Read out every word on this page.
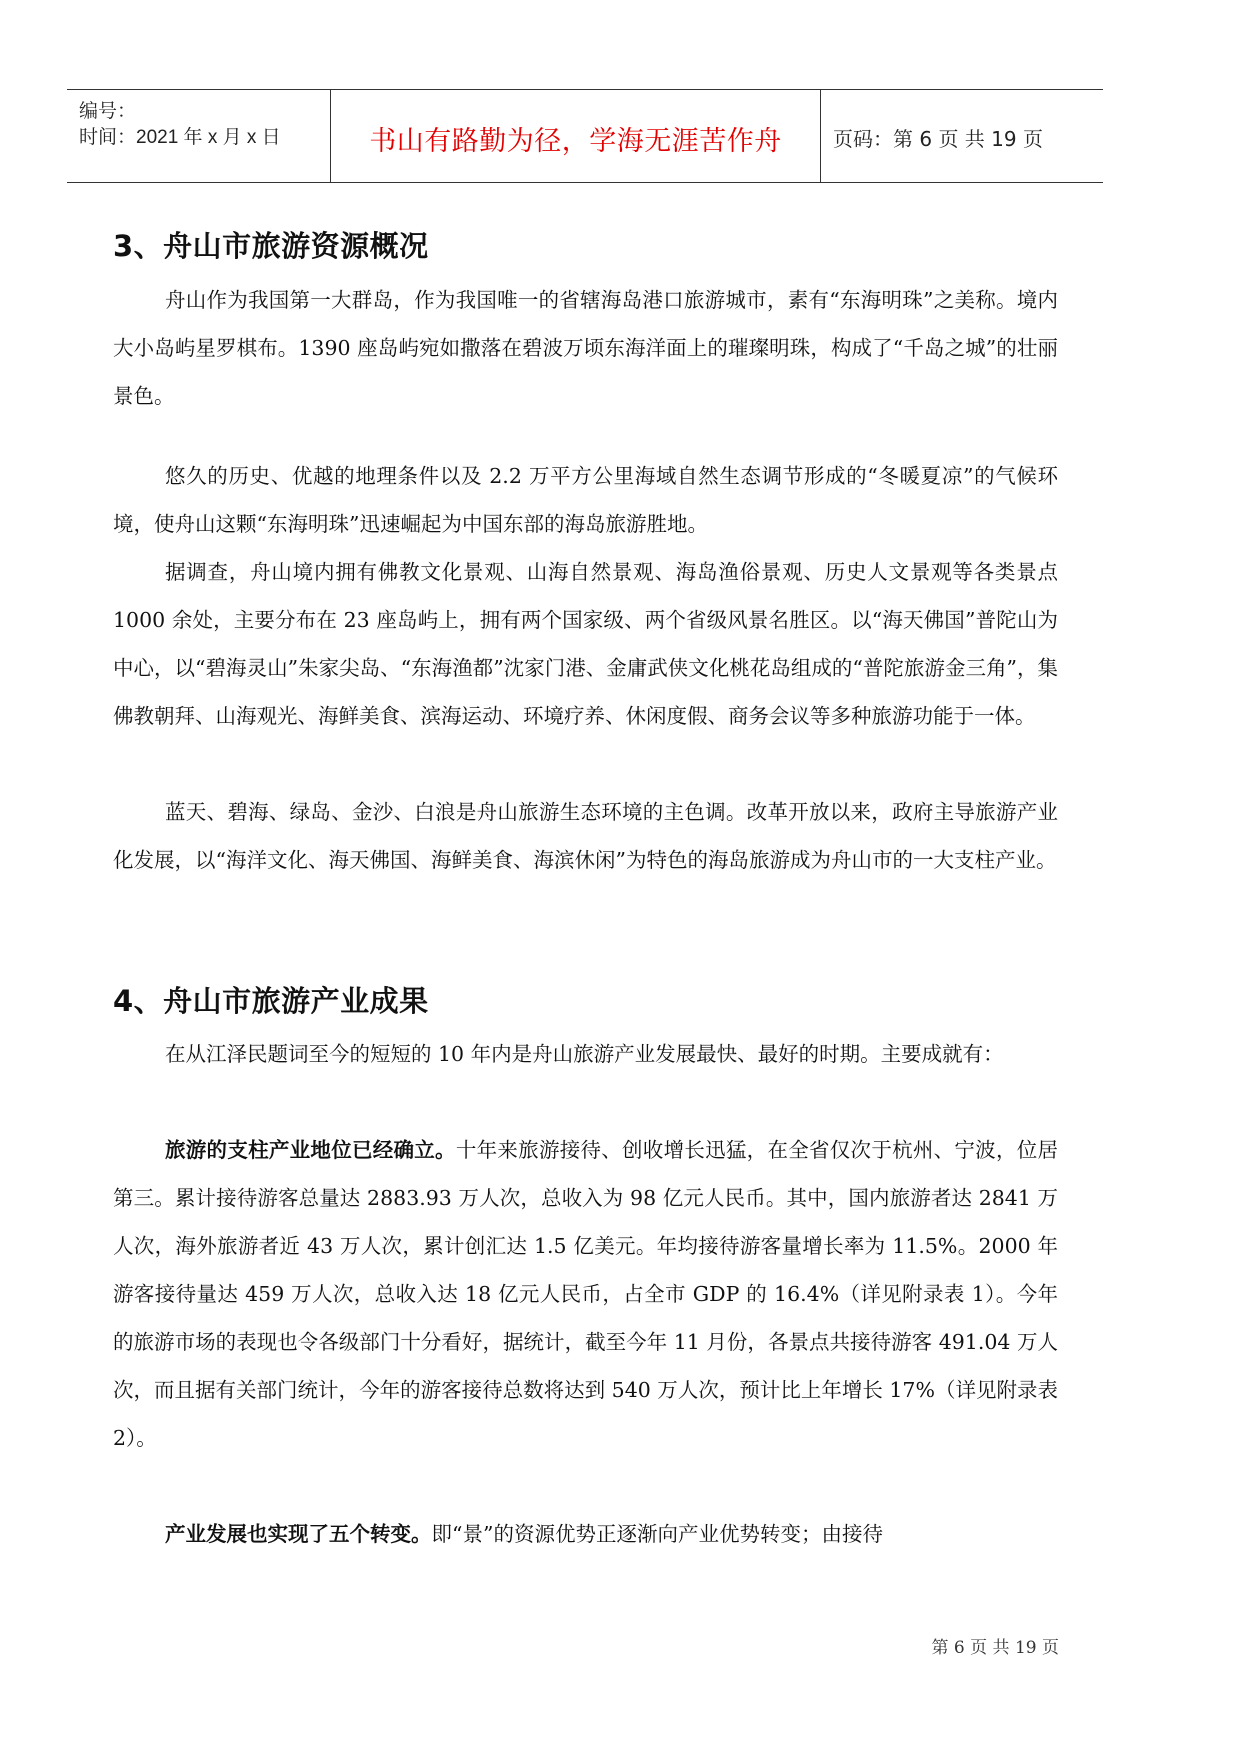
编号：
时间：2021 年 x 月 x 日	书山有路勤为径，学海无涯苦作舟	页码：第 6 页 共 19 页
3、舟山市旅游资源概况

舟山作为我国第一大群岛，作为我国唯一的省辖海岛港口旅游城市，素有“东海明珠”之美称。境内大小岛屿星罗棋布。1390 座岛屿宛如撒落在碧波万顷东海洋面上的璀璨明珠，构成了“千岛之城”的壮丽景色。

悠久的历史、优越的地理条件以及 2.2 万平方公里海域自然生态调节形成的“冬暖夏凉”的气候环境，使舟山这颗“东海明珠”迅速崛起为中国东部的海岛旅游胜地。

据调查，舟山境内拥有佛教文化景观、山海自然景观、海岛渔俗景观、历史人文景观等各类景点 1000 余处，主要分布在 23 座岛屿上，拥有两个国家级、两个省级风景名胜区。以“海天佛国”普陀山为中心，以“碧海灵山”朱家尖岛、“东海渔都”沈家门港、金庸武侠文化桃花岛组成的“普陀旅游金三角”，集佛教朝拜、山海观光、海鲜美食、滨海运动、环境疗养、休闲度假、商务会议等多种旅游功能于一体。

蓝天、碧海、绿岛、金沙、白浪是舟山旅游生态环境的主色调。改革开放以来，政府主导旅游产业化发展，以“海洋文化、海天佛国、海鲜美食、海滨休闲”为特色的海岛旅游成为舟山市的一大支柱产业。

4、舟山市旅游产业成果

在从江泽民题词至今的短短的 10 年内是舟山旅游产业发展最快、最好的时期。主要成就有：

旅游的支柱产业地位已经确立。十年来旅游接待、创收增长迅猛，在全省仅次于杭州、宁波，位居第三。累计接待游客总量达 2883.93 万人次，总收入为 98 亿元人民币。其中，国内旅游者达 2841 万人次，海外旅游者近 43 万人次，累计创汇达 1.5 亿美元。年均接待游客量增长率为 11.5%。2000 年游客接待量达 459 万人次，总收入达 18 亿元人民币，占全市 GDP 的 16.4%（详见附录表 1）。今年的旅游市场的表现也令各级部门十分看好，据统计，截至今年 11 月份，各景点共接待游客 491.04 万人次，而且据有关部门统计，今年的游客接待总数将达到 540 万人次，预计比上年增长 17%（详见附录表 2）。

产业发展也实现了五个转变。即“景”的资源优势正逐渐向产业优势转变；由接待

第 6 页 共 19 页
